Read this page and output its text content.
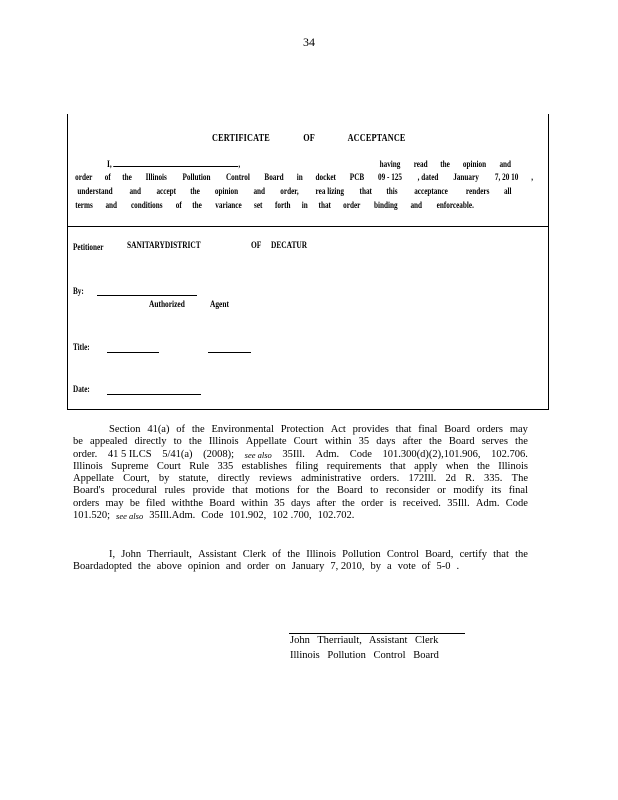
34
CERTIFICATE OF ACCEPTANCE
I,	,	having read the opinion and
order of the Illinois Pollution Control Board in docket PCB 09 - 125 , dated January 7, 20 10 ,
understand and accept the opinion and order, rea lizing that this acceptance renders all
terms and conditions of the variance set forth in that order binding and enforceable.
Petitioner SANITARYDISTRICT	OF DECATUR
By:
Authorized	Agent
Title:
Date:
Section 41(a) of the Environmental Protection Act provides that final Board orders may
be appealed directly to the Illinois Appellate Court within 35 days after the Board serves the
order. 41 5 ILCS 5/41(a) (2008); see also 35Ill. Adm. Code 101.300(d)(2),101.906, 102.706.
Illinois Supreme Court Rule 335 establishes filing requirements that apply when the Illinois
Appellate Court, by statute, directly reviews administrative orders. 172Ill. 2d R. 335. The
Board's procedural rules provide that motions for the Board to reconsider or modify its final
orders may be filed withthe Board within 35 days after the order is received. 35Ill. Adm. Code
101.520; see also 35Ill.Adm. Code 101.902, 102 .700, 102.702.
I, John Therriault, Assistant Clerk of the Illinois Pollution Control Board, certify that the
Boardadopted the above opinion and order on January 7, 2010, by a vote of 5-0 .
John Therriault, Assistant Clerk
Illinois Pollution Control Board
